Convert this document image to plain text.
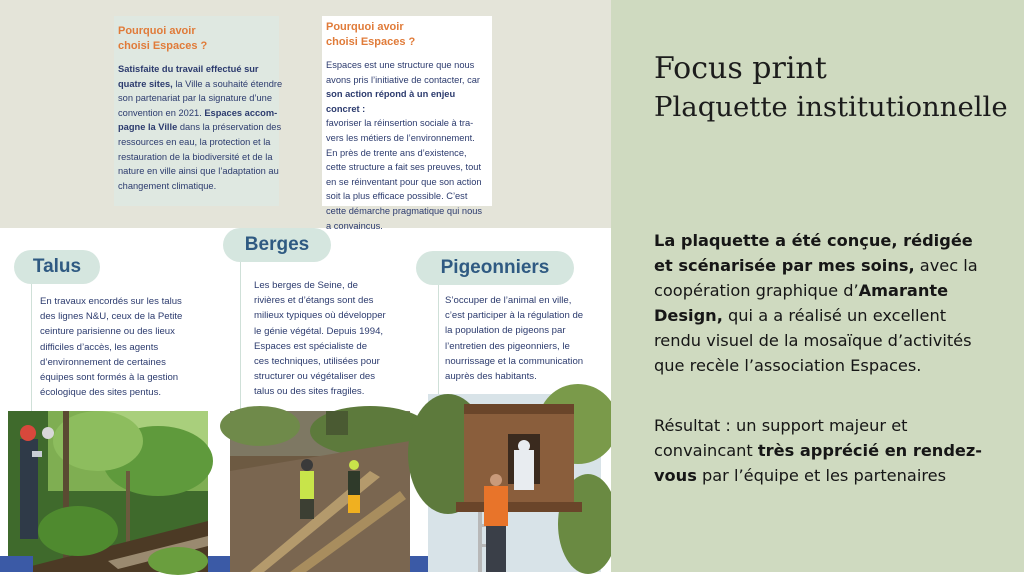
Pourquoi avoir
choisi Espaces ?
Satisfaite du travail effectué sur
quatre sites, la Ville a souhaité étendre
son partenariat par la signature d’une
convention en 2021. Espaces accom-
pagne la Ville dans la préservation des
ressources en eau, la protection et la
restauration de la biodiversité et de la
nature en ville ainsi que l’adaptation au
changement climatique.
Pourquoi avoir
choisi Espaces ?
Espaces est une structure que nous
avons pris l’initiative de contacter, car
son action répond à un enjeu concret :
favoriser la réinsertion sociale à tra-
vers les métiers de l’environnement.
En près de trente ans d’existence,
cette structure a fait ses preuves, tout
en se réinventant pour que son action
soit la plus efficace possible. C’est
cette démarche pragmatique qui nous
a convaincus.
Talus
Berges
Pigeonniers
En travaux encordés sur les talus
des lignes N&U, ceux de la Petite
ceinture parisienne ou des lieux
difficiles d’accès, les agents
d’environnement de certaines
équipes sont formés à la gestion
écologique des sites pentus.
Les berges de Seine, de
rivières et d’étangs sont des
milieux typiques où développer
le génie végétal. Depuis 1994,
Espaces est spécialiste de
ces techniques, utilisées pour
structurer ou végétaliser des
talus ou des sites fragiles.
S’occuper de l’animal en ville,
c’est participer à la régulation de
la population de pigeons par
l’entretien des pigeonniers, le
nourrissage et la communication
auprès des habitants.
Focus print
Plaquette institutionnelle

La plaquette a été conçue, rédigée et scénarisée par mes soins, avec la coopération graphique d’Amarante Design, qui a a réalisé un excellent rendu visuel de la mosaïque d’activités que recèle l’association Espaces.

Résultat : un support majeur et convaincant très apprécié en rendez-vous par l’équipe et les partenaires
